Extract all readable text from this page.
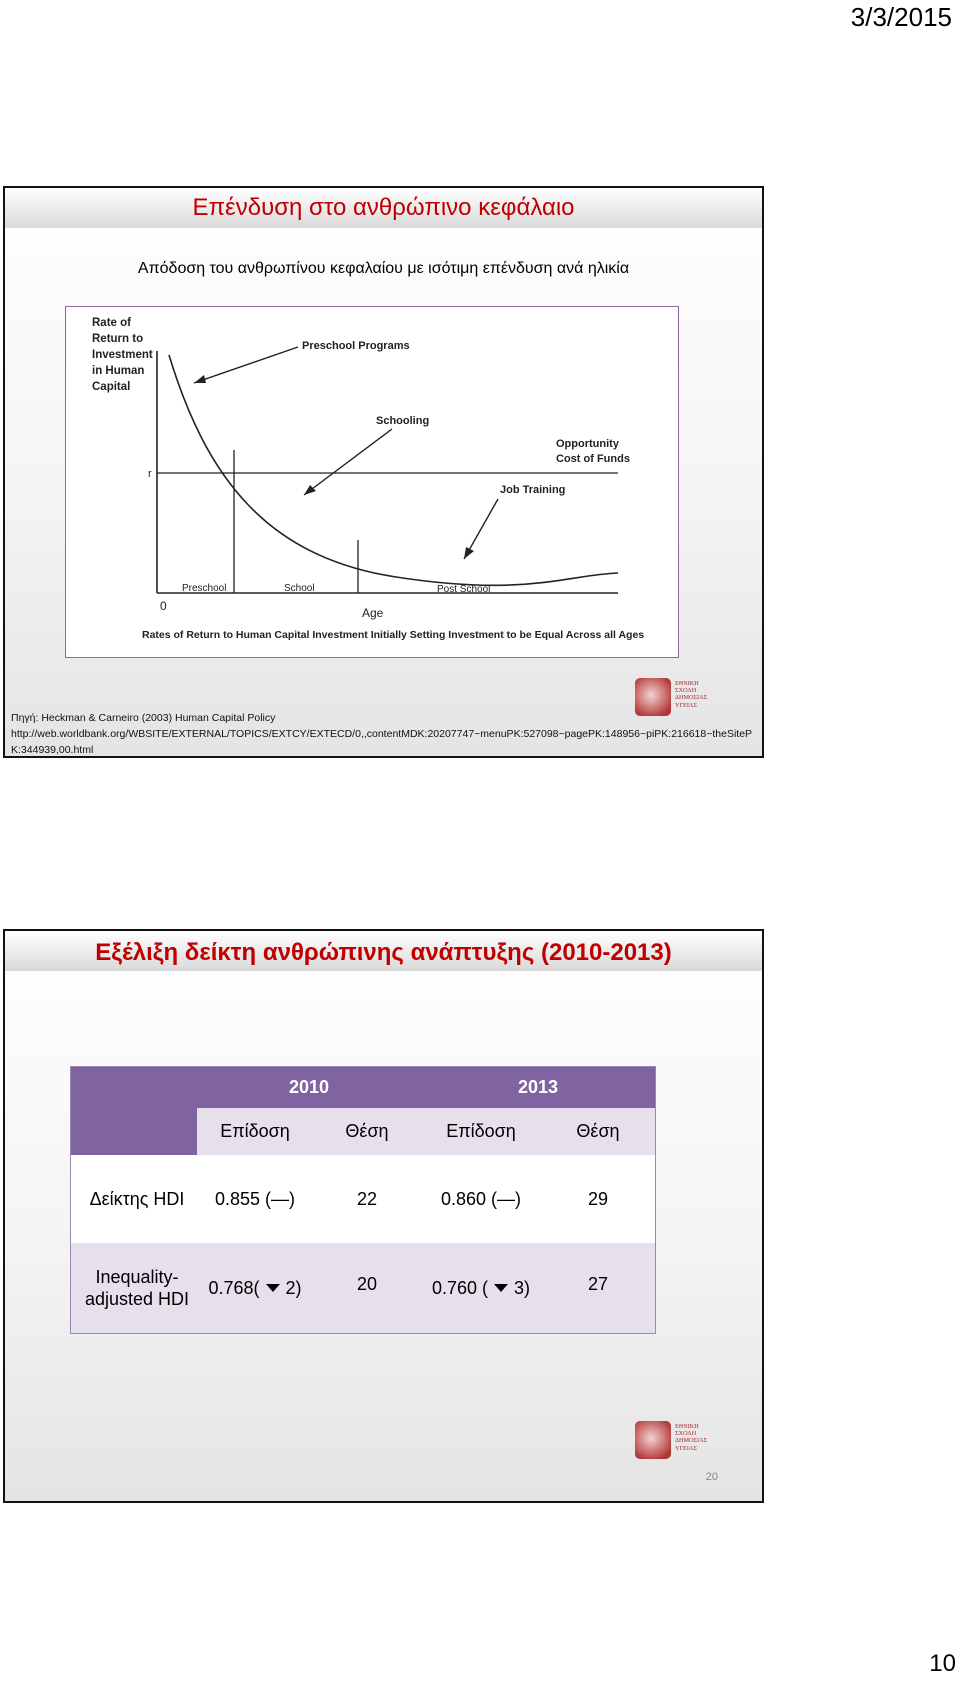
3/3/2015
Επένδυση στο ανθρώπινο κεφάλαιο
Απόδοση του ανθρωπίνου κεφαλαίου με ισότιμη επένδυση ανά ηλικία
Rate of Return to Investment in Human Capital
r
Preschool	School	Post School
0	Age
Rates of Return to Human Capital Investment Initially Setting Investment to be Equal Across all Ages
Preschool Programs
Schooling
Opportunity Cost of Funds
Job Training
ΕΘΝΙΚΗ
ΣΧΟΛΗ
ΔΗΜΟΣΙΑΣ
ΥΓΕΙΑΣ
Πηγή: Heckman & Carneiro (2003) Human Capital Policy
http://web.worldbank.org/WBSITE/EXTERNAL/TOPICS/EXTCY/EXTECD/0,,contentMDK:20207747~menuPK:527098~pagePK:148956~piPK:216618~theSiteP
K:344939,00.html
Εξέλιξη δείκτη ανθρώπινης ανάπτυξης (2010-2013)
	2010		2013	
	Επίδοση	Θέση	Επίδοση	Θέση
Δείκτης HDI	0.855 (—)	22	0.860 (—)	29

Inequality-
adjusted HDI	0.768( 2)	20	0.760 ( 3)	27
ΕΘΝΙΚΗ
ΣΧΟΛΗ
ΔΗΜΟΣΙΑΣ
ΥΓΕΙΑΣ
20
10
